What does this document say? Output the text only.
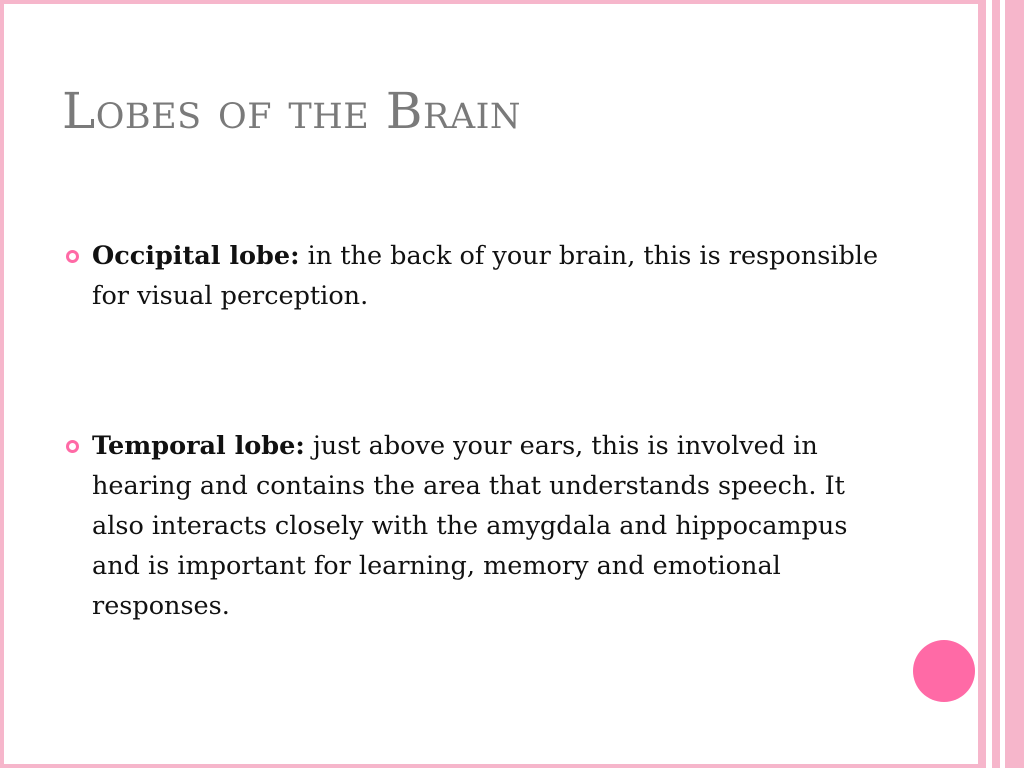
Lobes of the Brain
Occipital lobe: in the back of your brain, this is responsible for visual perception.
Temporal lobe: just above your ears, this is involved in hearing and contains the area that understands speech. It also interacts closely with the amygdala and hippocampus and is important for learning, memory and emotional responses.
